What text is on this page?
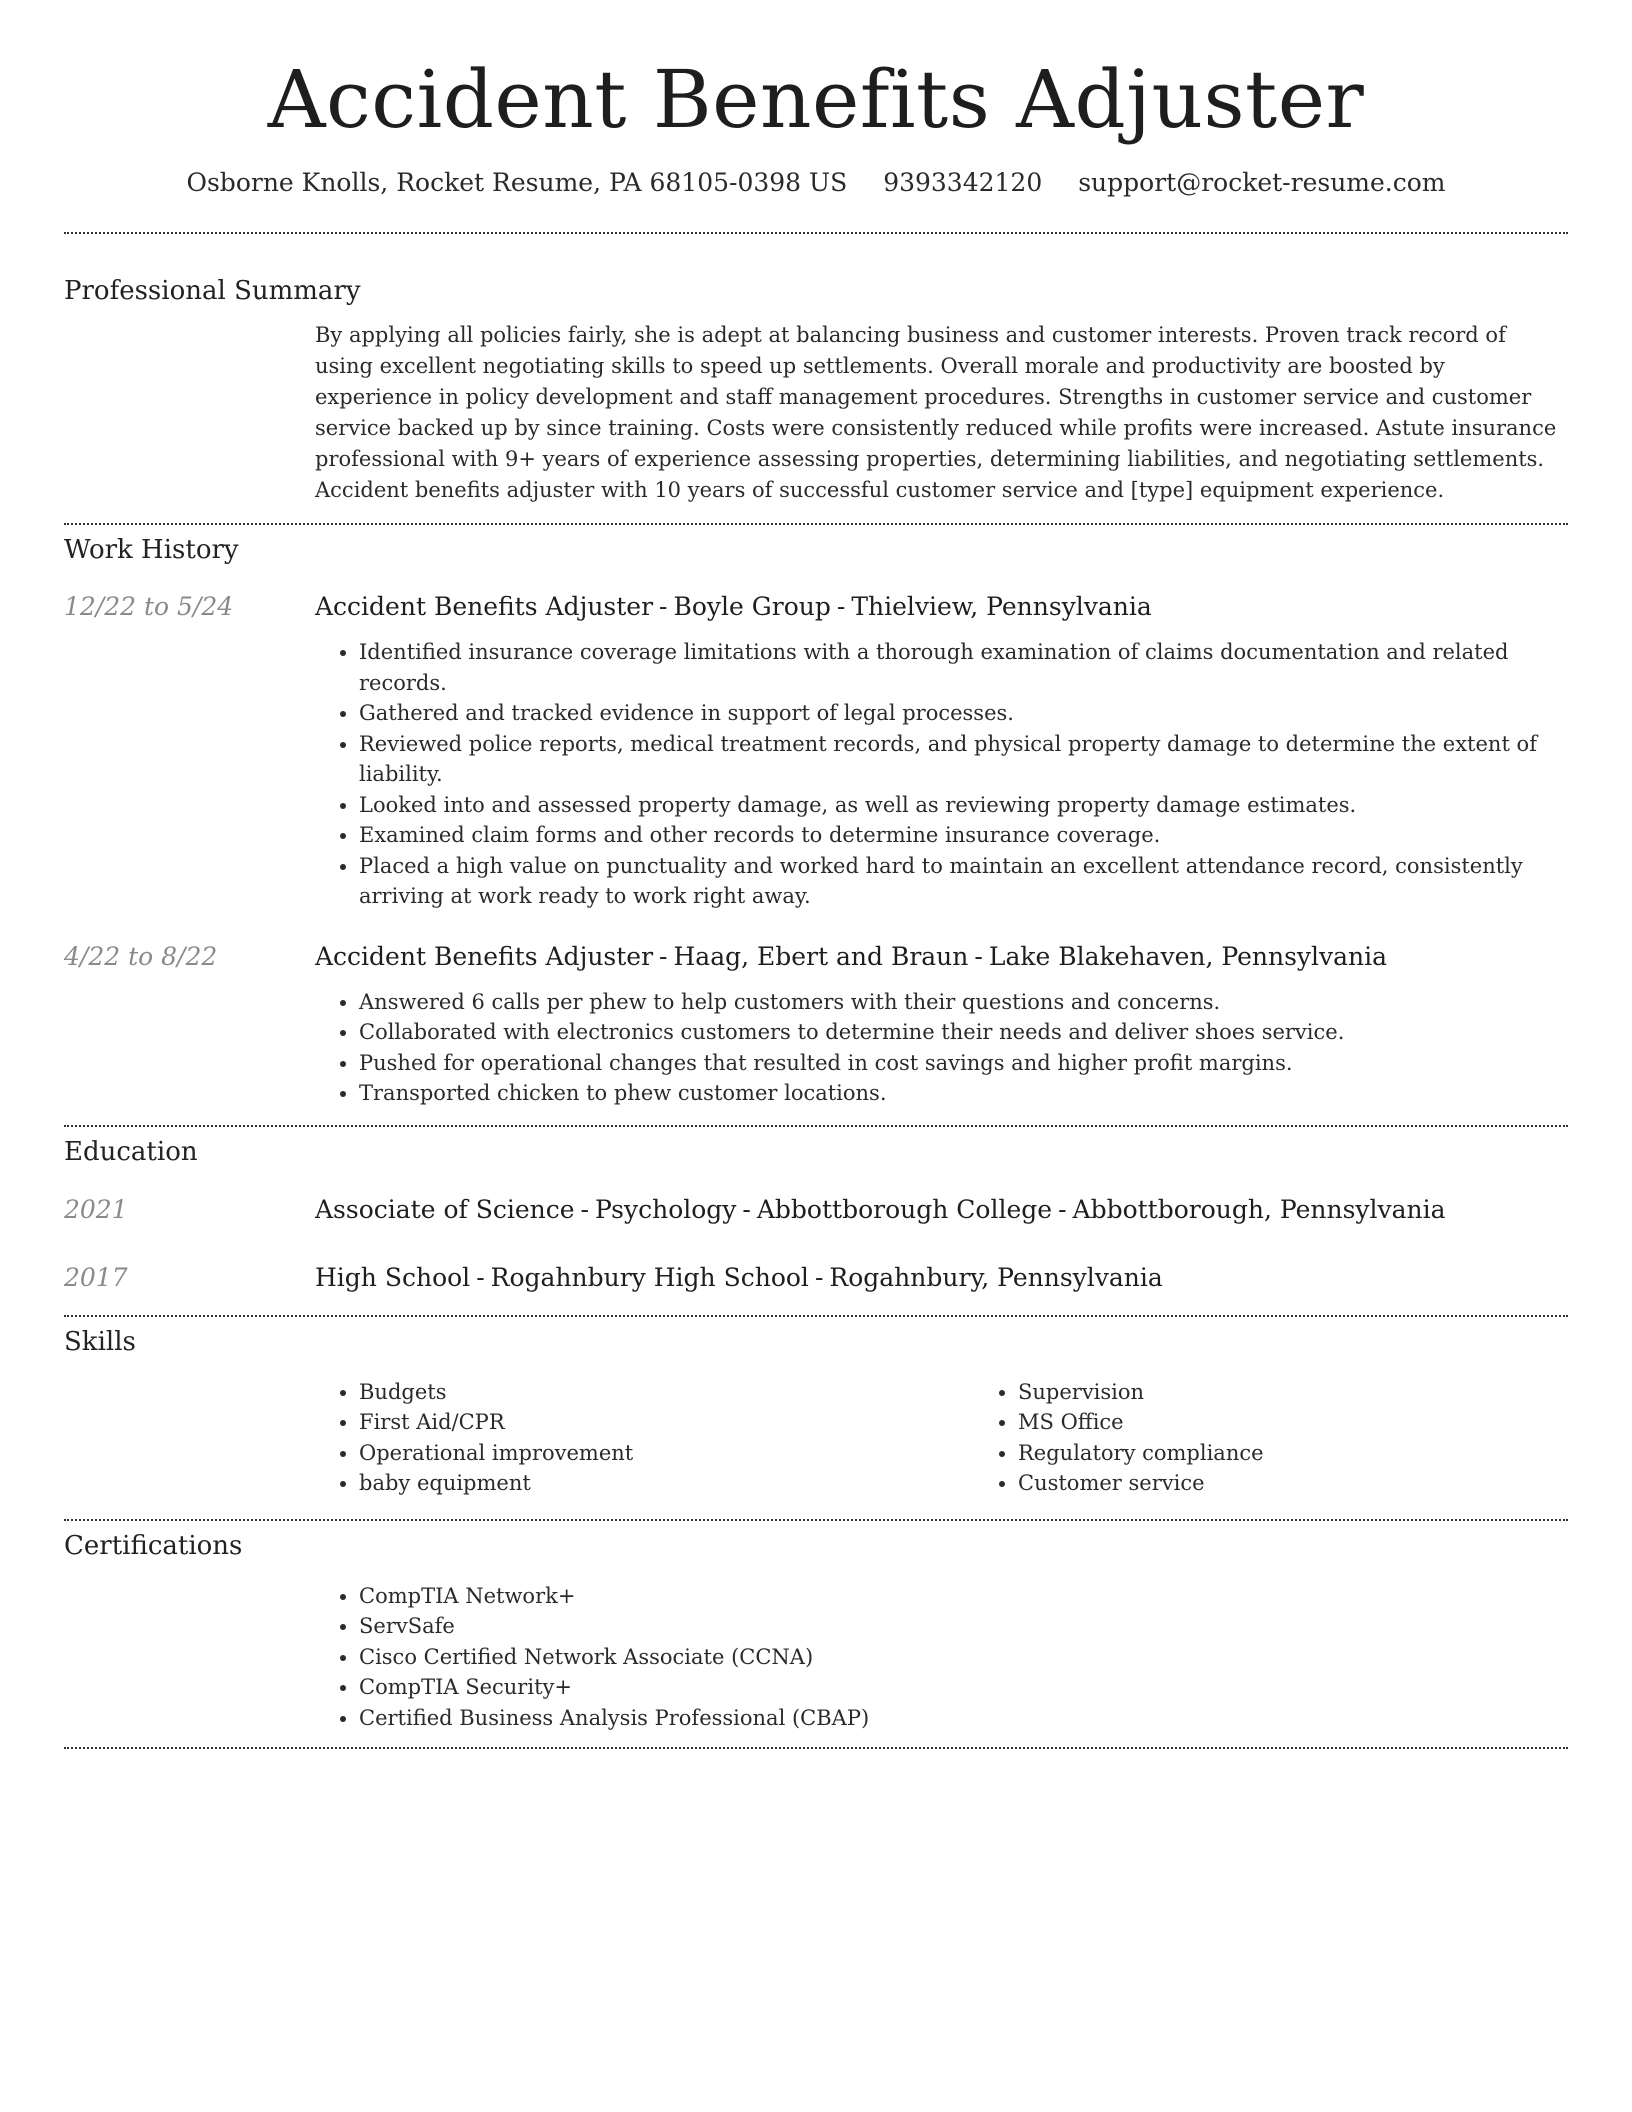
Accident Benefits Adjuster
Osborne Knolls, Rocket Resume, PA 68105-0398 US 9393342120 support@rocket-resume.com
Professional Summary

By applying all policies fairly, she is adept at balancing business and customer interests. Proven track record of using excellent negotiating skills to speed up settlements. Overall morale and productivity are boosted by experience in policy development and staff management procedures. Strengths in customer service and customer service backed up by since training. Costs were consistently reduced while profits were increased. Astute insurance professional with 9+ years of experience assessing properties, determining liabilities, and negotiating settlements. Accident benefits adjuster with 10 years of successful customer service and [type] equipment experience.

Work History
12/22 to 5/24	Accident Benefits Adjuster - Boyle Group - Thielview, Pennsylvania
• Identified insurance coverage limitations with a thorough examination of claims documentation and related records.
• Gathered and tracked evidence in support of legal processes.
• Reviewed police reports, medical treatment records, and physical property damage to determine the extent of liability.
• Looked into and assessed property damage, as well as reviewing property damage estimates.
• Examined claim forms and other records to determine insurance coverage.
• Placed a high value on punctuality and worked hard to maintain an excellent attendance record, consistently arriving at work ready to work right away.
4/22 to 8/22	Accident Benefits Adjuster - Haag, Ebert and Braun - Lake Blakehaven, Pennsylvania
• Answered 6 calls per phew to help customers with their questions and concerns.
• Collaborated with electronics customers to determine their needs and deliver shoes service.
• Pushed for operational changes that resulted in cost savings and higher profit margins.
• Transported chicken to phew customer locations.
Education
2021	Associate of Science - Psychology - Abbottborough College - Abbottborough, Pennsylvania
2017	High School - Rogahnbury High School - Rogahnbury, Pennsylvania
Skills
• Budgets
• First Aid/CPR
• Operational improvement
• baby equipment
• Supervision
• MS Office
• Regulatory compliance
• Customer service
Certifications
• CompTIA Network+
• ServSafe
• Cisco Certified Network Associate (CCNA)
• CompTIA Security+
• Certified Business Analysis Professional (CBAP)
